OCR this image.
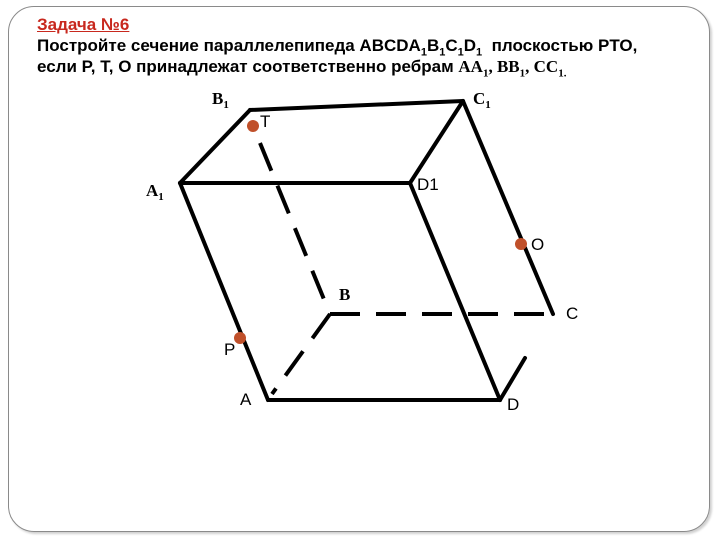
Задача №6
Постройте сечение параллелепипеда $ABCDA_1B_1C_1D_1$  плоскостью PTO,
если P, T, O принадлежат соответственно ребрам $AA_1$, $BB_1$, $CC_{1.}$
$B_1$	$C_1$
$A_1$
T
D1
O
B
C
P
A	D
